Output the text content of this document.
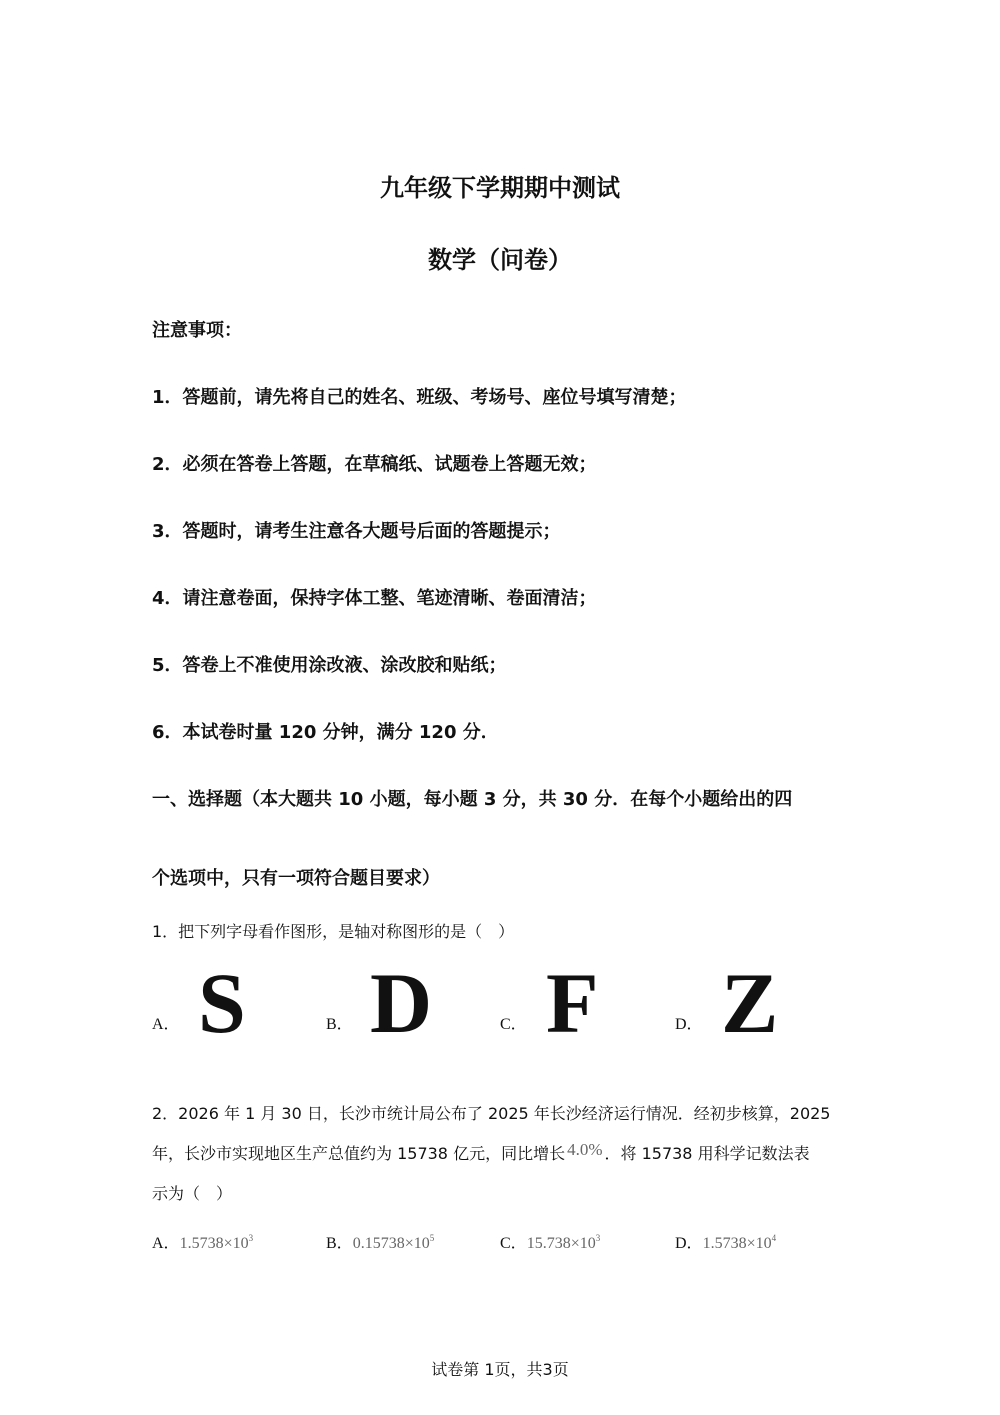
九年级下学期期中测试
数学（问卷）
注意事项：
1．答题前，请先将自己的姓名、班级、考场号、座位号填写清楚；
2．必须在答卷上答题，在草稿纸、试题卷上答题无效；
3．答题时，请考生注意各大题号后面的答题提示；
4．请注意卷面，保持字体工整、笔迹清晰、卷面清洁；
5．答卷上不准使用涂改液、涂改胶和贴纸；
6．本试卷时量 120 分钟，满分 120 分．
一、选择题（本大题共 10 小题，每小题 3 分，共 30 分．在每个小题给出的四
个选项中，只有一项符合题目要求）
1．把下列字母看作图形，是轴对称图形的是（　）
A． S	B． D	C． F	D． Z
2．2026 年 1 月 30 日，长沙市统计局公布了 2025 年长沙经济运行情况．经初步核算，2025
年，长沙市实现地区生产总值约为 15738 亿元，同比增长 4.0% ．将 15738 用科学记数法表
示为（　）
A．$1.5738\times 10^3$	B．$0.15738\times 10^5$	C．$15.738\times 10^3$	D．$1.5738\times 10^4$
试卷第 1页，共3页
